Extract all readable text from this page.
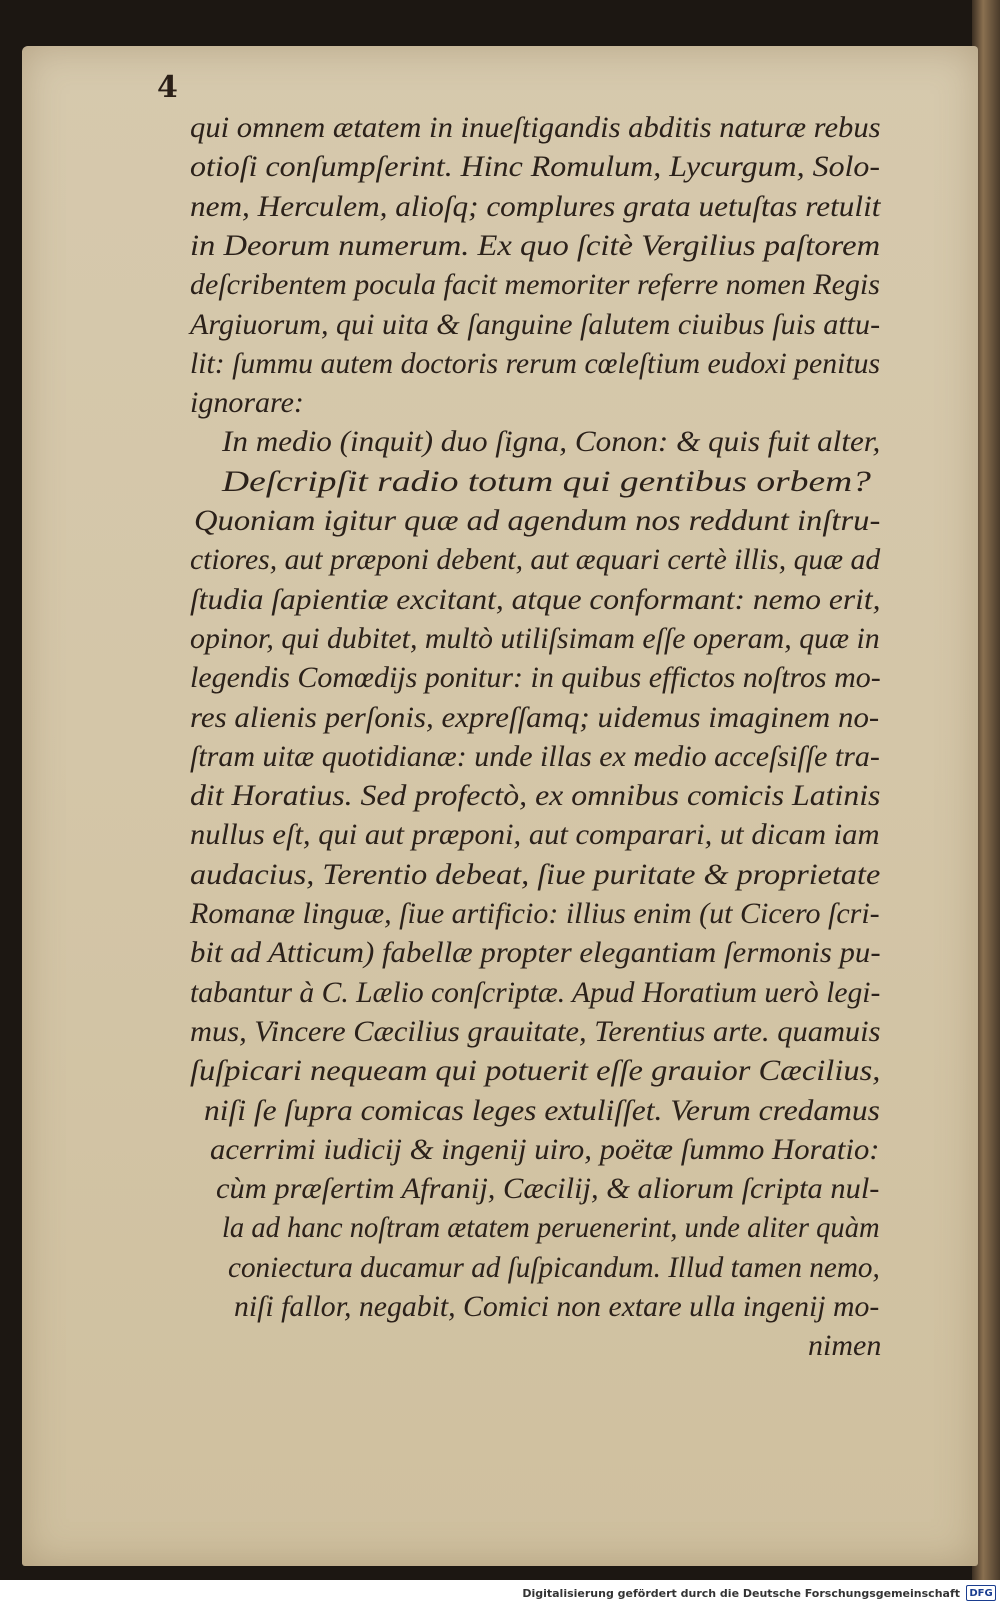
4
qui omnem ætatem in inueſtigandis abditis naturæ rebus
otioſi conſumpſerint. Hinc Romulum, Lycurgum, Solo-
nem, Herculem, alioſq; complures grata uetuſtas retulit
in Deorum numerum. Ex quo ſcitè Vergilius paſtorem
deſcribentem pocula facit memoriter referre nomen Regis
Argiuorum, qui uita & ſanguine ſalutem ciuibus ſuis attu-
lit: ſummu autem doctoris rerum cœleſtium eudoxi penitus
ignorare:
In medio (inquit) duo ſigna, Conon: & quis fuit alter,
Deſcripſit radio totum qui gentibus orbem?
Quoniam igitur quæ ad agendum nos reddunt inſtru-
ctiores, aut præponi debent, aut æquari certè illis, quæ ad
ſtudia ſapientiæ excitant, atque conformant: nemo erit,
opinor, qui dubitet, multò utiliſsimam eſſe operam, quæ in
legendis Comœdijs ponitur: in quibus effictos noſtros mo-
res alienis perſonis, expreſſamq; uidemus imaginem no-
ſtram uitæ quotidianæ: unde illas ex medio acceſsiſſe tra-
dit Horatius. Sed profectò, ex omnibus comicis Latinis
nullus eſt, qui aut præponi, aut comparari, ut dicam iam
audacius, Terentio debeat, ſiue puritate & proprietate
Romanæ linguæ, ſiue artificio: illius enim (ut Cicero ſcri-
bit ad Atticum) fabellæ propter elegantiam ſermonis pu-
tabantur à C. Lælio conſcriptæ. Apud Horatium uerò legi-
mus, Vincere Cæcilius grauitate, Terentius arte. quamuis
ſuſpicari nequeam qui potuerit eſſe grauior Cæcilius,
niſi ſe ſupra comicas leges extuliſſet. Verum credamus
acerrimi iudicij & ingenij uiro, poëtæ ſummo Horatio:
cùm præſertim Afranij, Cæcilij, & aliorum ſcripta nul-
la ad hanc noſtram ætatem peruenerint, unde aliter quàm
coniectura ducamur ad ſuſpicandum. Illud tamen nemo,
niſi fallor, negabit, Comici non extare ulla ingenij mo-
nimen
Digitalisierung gefördert durch die Deutsche Forschungsgemeinschaft DFG
